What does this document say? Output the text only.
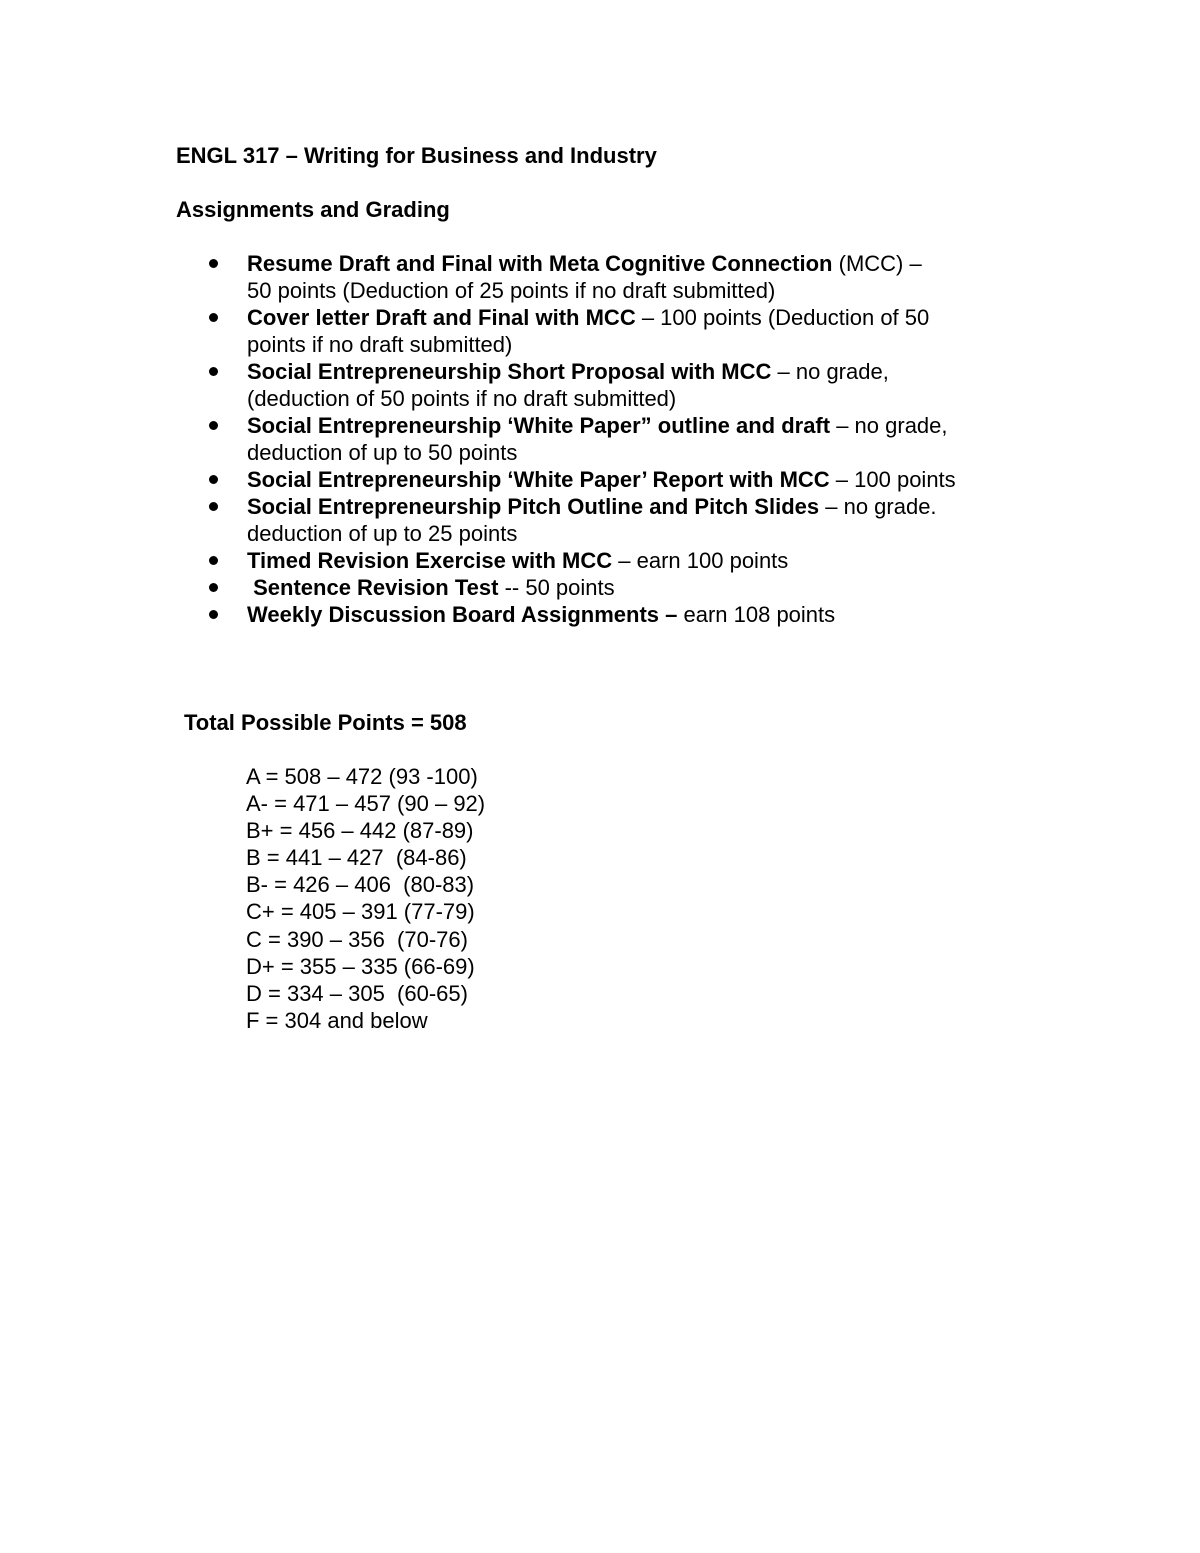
ENGL 317 – Writing for Business and Industry

Assignments and Grading

Resume Draft and Final with Meta Cognitive Connection (MCC) –
50 points (Deduction of 25 points if no draft submitted)
Cover letter Draft and Final with MCC – 100 points (Deduction of 50
points if no draft submitted)
Social Entrepreneurship Short Proposal with MCC – no grade,
(deduction of 50 points if no draft submitted)
Social Entrepreneurship ‘White Paper” outline and draft – no grade,
deduction of up to 50 points
Social Entrepreneurship ‘White Paper’ Report with MCC – 100 points
Social Entrepreneurship Pitch Outline and Pitch Slides – no grade.
deduction of up to 25 points
Timed Revision Exercise with MCC – earn 100 points
Sentence Revision Test -- 50 points
Weekly Discussion Board Assignments – earn 108 points

Total Possible Points = 508

A = 508 – 472 (93 -100)
A- = 471 – 457 (90 – 92)
B+ = 456 – 442 (87-89)
B = 441 – 427  (84-86)
B- = 426 – 406  (80-83)
C+ = 405 – 391 (77-79)
C = 390 – 356  (70-76)
D+ = 355 – 335 (66-69)
D = 334 – 305  (60-65)
F = 304 and below
